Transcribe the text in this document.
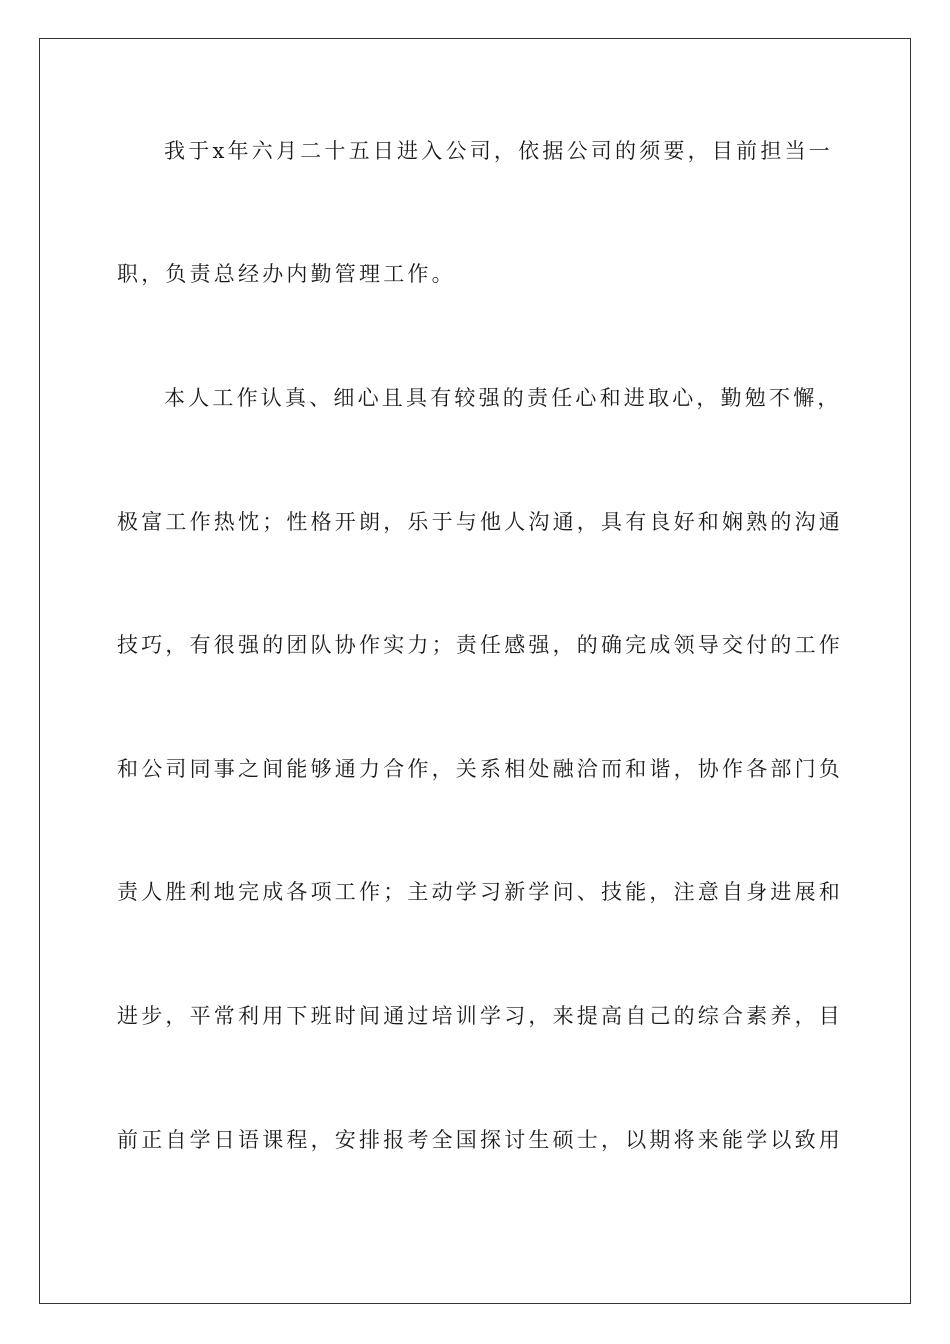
我于x年六月二十五日进入公司，依据公司的须要，目前担当一
职，负责总经办内勤管理工作。
本人工作认真、细心且具有较强的责任心和进取心，勤勉不懈，
极富工作热忱；性格开朗，乐于与他人沟通，具有良好和娴熟的沟通
技巧，有很强的团队协作实力；责任感强，的确完成领导交付的工作
和公司同事之间能够通力合作，关系相处融洽而和谐，协作各部门负
责人胜利地完成各项工作；主动学习新学问、技能，注意自身进展和
进步，平常利用下班时间通过培训学习，来提高自己的综合素养，目
前正自学日语课程，安排报考全国探讨生硕士，以期将来能学以致用
